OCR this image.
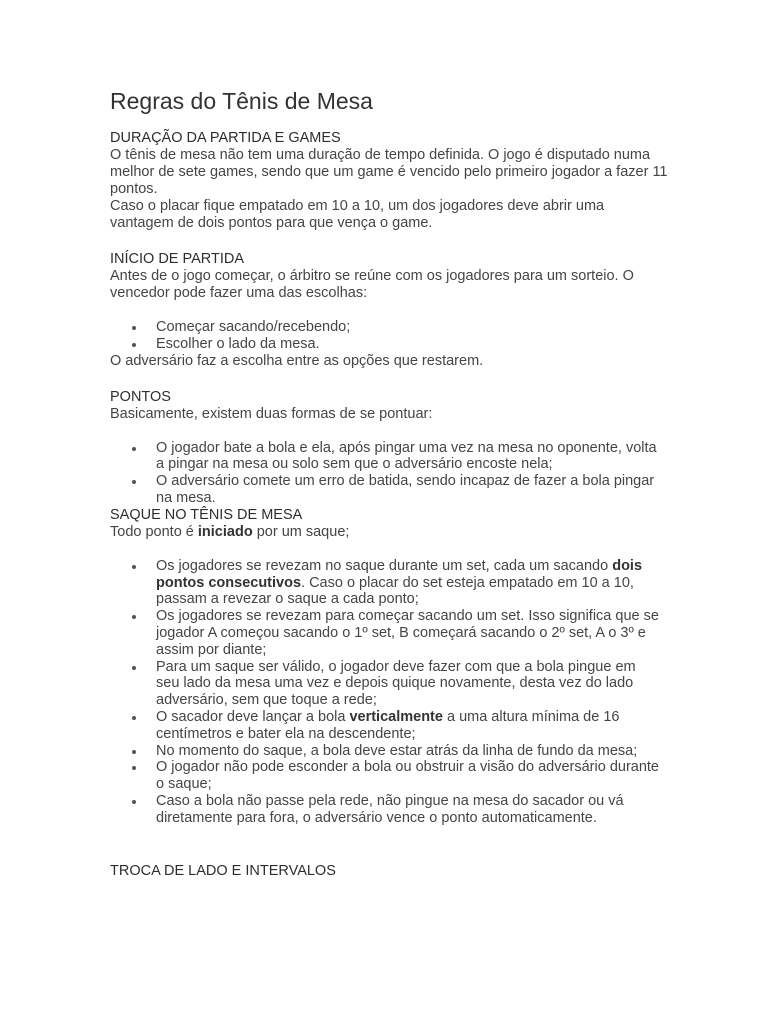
Regras do Tênis de Mesa
DURAÇÃO DA PARTIDA E GAMES

O tênis de mesa não tem uma duração de tempo definida. O jogo é disputado numa melhor de sete games, sendo que um game é vencido pelo primeiro jogador a fazer 11 pontos.

Caso o placar fique empatado em 10 a 10, um dos jogadores deve abrir uma vantagem de dois pontos para que vença o game.

INÍCIO DE PARTIDA

Antes de o jogo começar, o árbitro se reúne com os jogadores para um sorteio. O vencedor pode fazer uma das escolhas:

Começar sacando/recebendo;
Escolher o lado da mesa.

O adversário faz a escolha entre as opções que restarem.

PONTOS

Basicamente, existem duas formas de se pontuar:

O jogador bate a bola e ela, após pingar uma vez na mesa no oponente, volta a pingar na mesa ou solo sem que o adversário encoste nela;
O adversário comete um erro de batida, sendo incapaz de fazer a bola pingar na mesa.
SAQUE NO TÊNIS DE MESA

Todo ponto é iniciado por um saque;

Os jogadores se revezam no saque durante um set, cada um sacando dois pontos consecutivos. Caso o placar do set esteja empatado em 10 a 10, passam a revezar o saque a cada ponto;
Os jogadores se revezam para começar sacando um set. Isso significa que se jogador A começou sacando o 1º set, B começará sacando o 2º set, A o 3º e assim por diante;
Para um saque ser válido, o jogador deve fazer com que a bola pingue em seu lado da mesa uma vez e depois quique novamente, desta vez do lado adversário, sem que toque a rede;
O sacador deve lançar a bola verticalmente a uma altura mínima de 16 centímetros e bater ela na descendente;
No momento do saque, a bola deve estar atrás da linha de fundo da mesa;
O jogador não pode esconder a bola ou obstruir a visão do adversário durante o saque;
Caso a bola não passe pela rede, não pingue na mesa do sacador ou vá diretamente para fora, o adversário vence o ponto automaticamente.
TROCA DE LADO E INTERVALOS
